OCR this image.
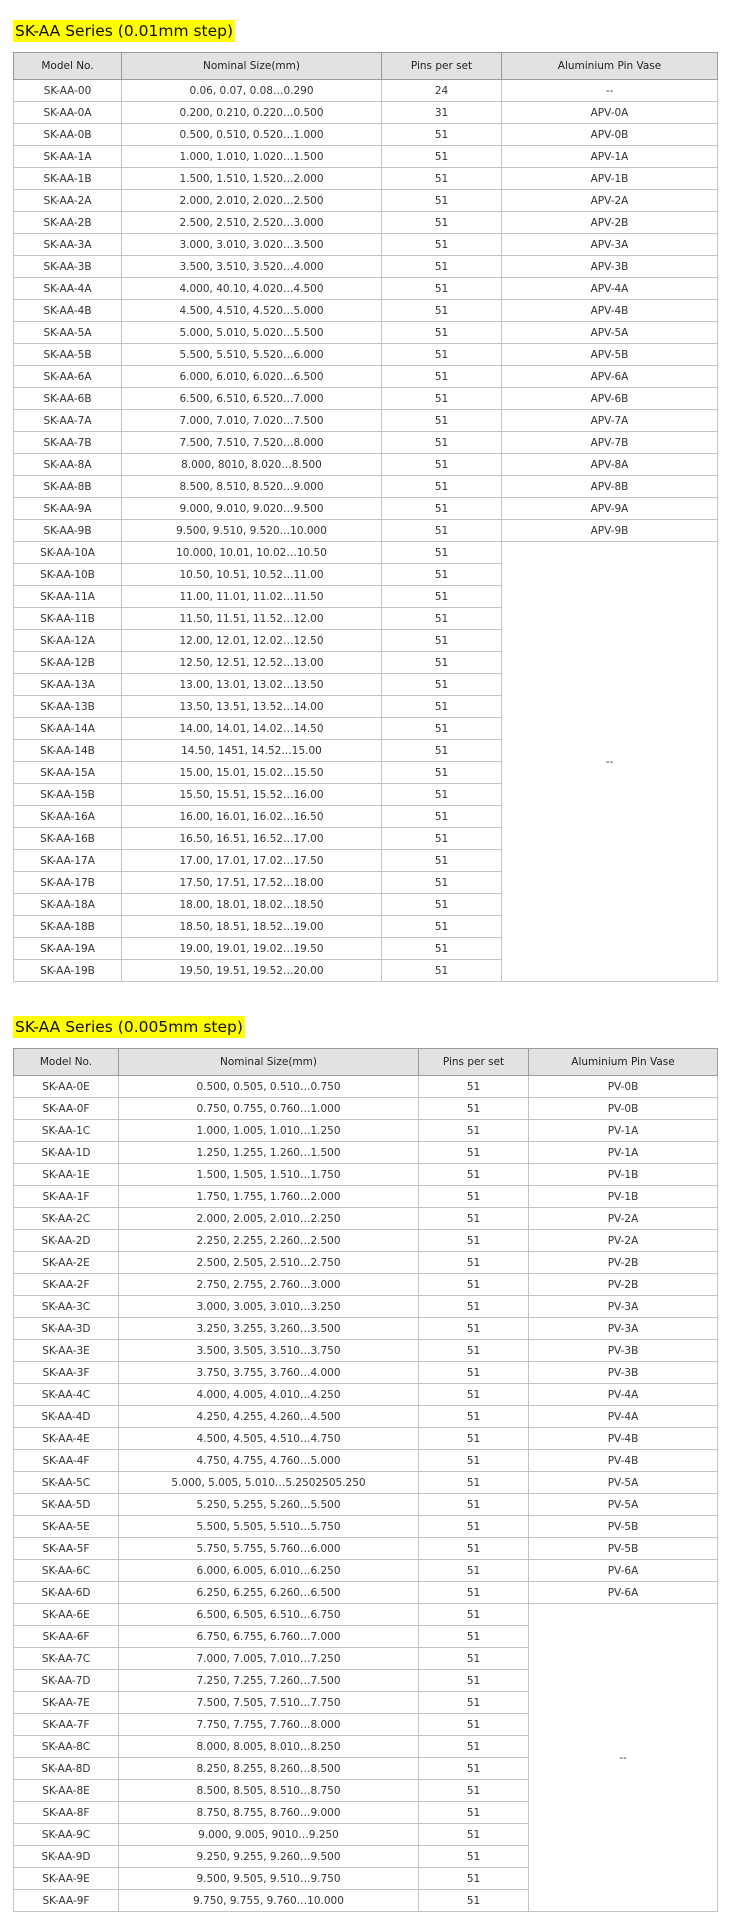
SK-AA Series (0.01mm step)
Model No.	Nominal Size(mm)	Pins per set	Aluminium Pin Vase
SK-AA-00	0.06, 0.07, 0.08…0.290	24	--
SK-AA-0A	0.200, 0.210, 0.220…0.500	31	APV-0A
SK-AA-0B	0.500, 0.510, 0.520…1.000	51	APV-0B
SK-AA-1A	1.000, 1.010, 1.020…1.500	51	APV-1A
SK-AA-1B	1.500, 1.510, 1.520…2.000	51	APV-1B
SK-AA-2A	2.000, 2.010, 2.020…2.500	51	APV-2A
SK-AA-2B	2.500, 2.510, 2.520…3.000	51	APV-2B
SK-AA-3A	3.000, 3.010, 3.020…3.500	51	APV-3A
SK-AA-3B	3.500, 3.510, 3.520…4.000	51	APV-3B
SK-AA-4A	4.000, 40.10, 4.020…4.500	51	APV-4A
SK-AA-4B	4.500, 4.510, 4.520…5.000	51	APV-4B
SK-AA-5A	5.000, 5.010, 5.020…5.500	51	APV-5A
SK-AA-5B	5.500, 5.510, 5.520…6.000	51	APV-5B
SK-AA-6A	6.000, 6.010, 6.020…6.500	51	APV-6A
SK-AA-6B	6.500, 6.510, 6.520…7.000	51	APV-6B
SK-AA-7A	7.000, 7.010, 7.020…7.500	51	APV-7A
SK-AA-7B	7.500, 7.510, 7.520…8.000	51	APV-7B
SK-AA-8A	8.000, 8010, 8.020…8.500	51	APV-8A
SK-AA-8B	8.500, 8.510, 8.520…9.000	51	APV-8B
SK-AA-9A	9.000, 9.010, 9.020…9.500	51	APV-9A
SK-AA-9B	9.500, 9.510, 9.520…10.000	51	APV-9B
SK-AA-10A	10.000, 10.01, 10.02…10.50	51	--
SK-AA-10B	10.50, 10.51, 10.52…11.00	51	
SK-AA-11A	11.00, 11.01, 11.02…11.50	51	
SK-AA-11B	11.50, 11.51, 11.52…12.00	51	
SK-AA-12A	12.00, 12.01, 12.02…12.50	51	
SK-AA-12B	12.50, 12.51, 12.52…13.00	51	
SK-AA-13A	13.00, 13.01, 13.02…13.50	51	
SK-AA-13B	13.50, 13.51, 13.52…14.00	51	
SK-AA-14A	14.00, 14.01, 14.02…14.50	51	
SK-AA-14B	14.50, 1451, 14.52…15.00	51	
SK-AA-15A	15.00, 15.01, 15.02…15.50	51	
SK-AA-15B	15.50, 15.51, 15.52…16.00	51	
SK-AA-16A	16.00, 16.01, 16.02…16.50	51	
SK-AA-16B	16.50, 16.51, 16.52…17.00	51	
SK-AA-17A	17.00, 17.01, 17.02…17.50	51	
SK-AA-17B	17.50, 17.51, 17.52…18.00	51	
SK-AA-18A	18.00, 18.01, 18.02…18.50	51	
SK-AA-18B	18.50, 18.51, 18.52…19.00	51	
SK-AA-19A	19.00, 19.01, 19.02…19.50	51	
SK-AA-19B	19.50, 19.51, 19.52…20.00	51	
SK-AA Series (0.005mm step)
Model No.	Nominal Size(mm)	Pins per set	Aluminium Pin Vase
SK-AA-0E	0.500, 0.505, 0.510…0.750	51	PV-0B
SK-AA-0F	0.750, 0.755, 0.760…1.000	51	PV-0B
SK-AA-1C	1.000, 1.005, 1.010…1.250	51	PV-1A
SK-AA-1D	1.250, 1.255, 1.260…1.500	51	PV-1A
SK-AA-1E	1.500, 1.505, 1.510…1.750	51	PV-1B
SK-AA-1F	1.750, 1.755, 1.760…2.000	51	PV-1B
SK-AA-2C	2.000, 2.005, 2.010…2.250	51	PV-2A
SK-AA-2D	2.250, 2.255, 2.260…2.500	51	PV-2A
SK-AA-2E	2.500, 2.505, 2.510…2.750	51	PV-2B
SK-AA-2F	2.750, 2.755, 2.760…3.000	51	PV-2B
SK-AA-3C	3.000, 3.005, 3.010…3.250	51	PV-3A
SK-AA-3D	3.250, 3.255, 3.260…3.500	51	PV-3A
SK-AA-3E	3.500, 3.505, 3.510…3.750	51	PV-3B
SK-AA-3F	3.750, 3.755, 3.760…4.000	51	PV-3B
SK-AA-4C	4.000, 4.005, 4.010…4.250	51	PV-4A
SK-AA-4D	4.250, 4.255, 4.260…4.500	51	PV-4A
SK-AA-4E	4.500, 4.505, 4.510…4.750	51	PV-4B
SK-AA-4F	4.750, 4.755, 4.760…5.000	51	PV-4B
SK-AA-5C	5.000, 5.005, 5.010…5.2502505.250	51	PV-5A
SK-AA-5D	5.250, 5.255, 5.260…5.500	51	PV-5A
SK-AA-5E	5.500, 5.505, 5.510…5.750	51	PV-5B
SK-AA-5F	5.750, 5.755, 5.760…6.000	51	PV-5B
SK-AA-6C	6.000, 6.005, 6.010…6.250	51	PV-6A
SK-AA-6D	6.250, 6.255, 6.260…6.500	51	PV-6A
SK-AA-6E	6.500, 6.505, 6.510…6.750	51	--
SK-AA-6F	6.750, 6.755, 6.760…7.000	51	
SK-AA-7C	7.000, 7.005, 7.010…7.250	51	
SK-AA-7D	7.250, 7.255, 7.260…7.500	51	
SK-AA-7E	7.500, 7.505, 7.510…7.750	51	
SK-AA-7F	7.750, 7.755, 7.760…8.000	51	
SK-AA-8C	8.000, 8.005, 8.010…8.250	51	
SK-AA-8D	8.250, 8.255, 8.260…8.500	51	
SK-AA-8E	8.500, 8.505, 8.510…8.750	51	
SK-AA-8F	8.750, 8.755, 8.760…9.000	51	
SK-AA-9C	9.000, 9.005, 9010…9.250	51	
SK-AA-9D	9.250, 9.255, 9.260…9.500	51	
SK-AA-9E	9.500, 9.505, 9.510…9.750	51	
SK-AA-9F	9.750, 9.755, 9.760…10.000	51	
